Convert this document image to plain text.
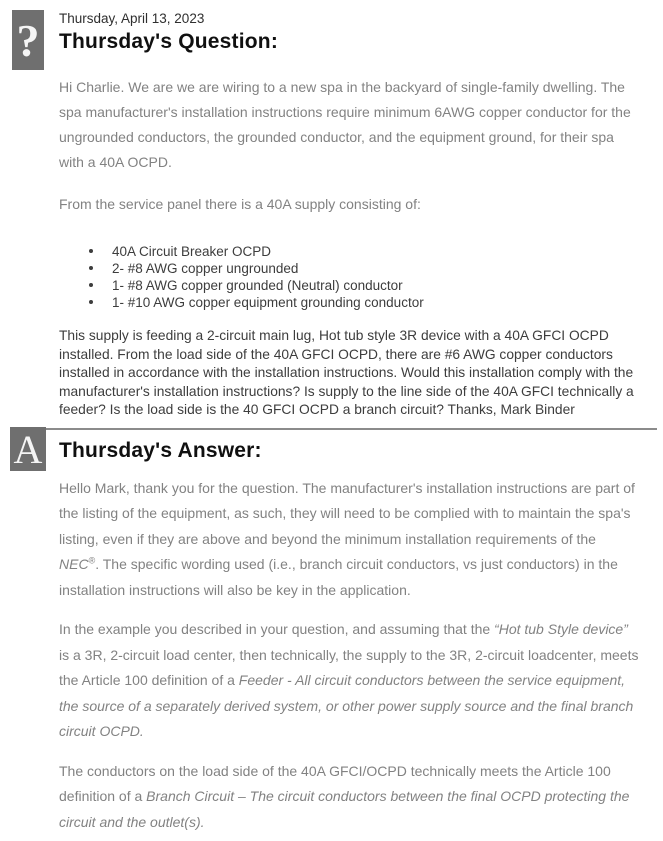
? Thursday, April 13, 2023
Thursday's Question:

Hi Charlie. We are we are wiring to a new spa in the backyard of single-family dwelling. The spa manufacturer's installation instructions require minimum 6AWG copper conductor for the ungrounded conductors, the grounded conductor, and the equipment ground, for their spa with a 40A OCPD.

From the service panel there is a 40A supply consisting of:

40A Circuit Breaker OCPD
2- #8 AWG copper ungrounded
1- #8 AWG copper grounded (Neutral) conductor
1- #10 AWG copper equipment grounding conductor

This supply is feeding a 2-circuit main lug, Hot tub style 3R device with a 40A GFCI OCPD installed. From the load side of the 40A GFCI OCPD, there are #6 AWG copper conductors installed in accordance with the installation instructions. Would this installation comply with the manufacturer's installation instructions? Is supply to the line side of the 40A GFCI technically a feeder? Is the load side is the 40 GFCI OCPD a branch circuit? Thanks, Mark Binder

A Thursday's Answer:

Hello Mark, thank you for the question. The manufacturer's installation instructions are part of the listing of the equipment, as such, they will need to be complied with to maintain the spa's listing, even if they are above and beyond the minimum installation requirements of the NEC®. The specific wording used (i.e., branch circuit conductors, vs just conductors) in the installation instructions will also be key in the application.

In the example you described in your question, and assuming that the “Hot tub Style device” is a 3R, 2-circuit load center, then technically, the supply to the 3R, 2-circuit loadcenter, meets the Article 100 definition of a Feeder - All circuit conductors between the service equipment, the source of a separately derived system, or other power supply source and the final branch circuit OCPD.

The conductors on the load side of the 40A GFCI/OCPD technically meets the Article 100 definition of a Branch Circuit – The circuit conductors between the final OCPD protecting the circuit and the outlet(s).
